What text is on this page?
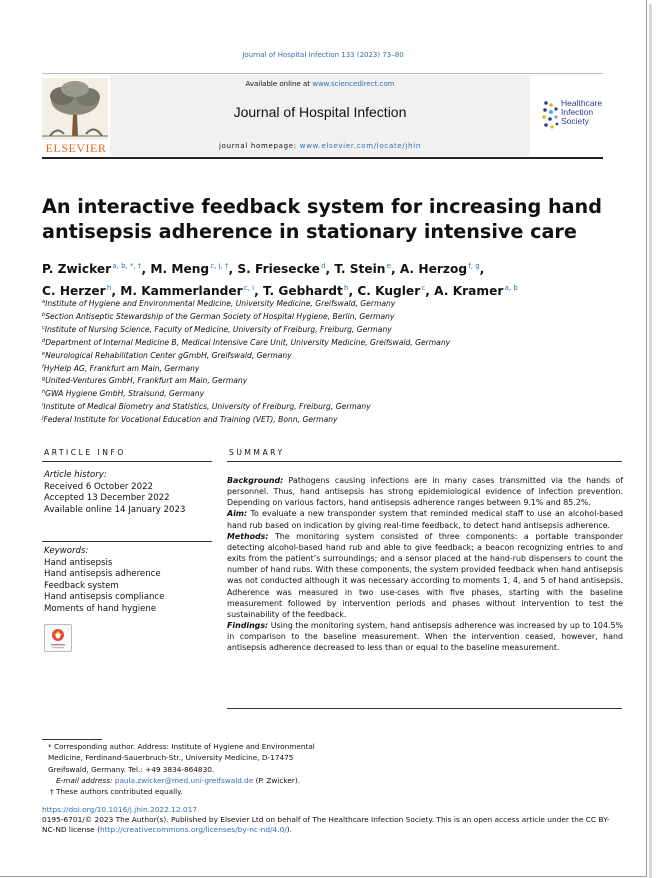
Journal of Hospital Infection 133 (2023) 73–80
ELSEVIER
Available online at www.sciencedirect.com
Journal of Hospital Infection
journal homepage: www.elsevier.com/locate/jhin
Healthcare
Infection
Society
An interactive feedback system for increasing hand antisepsis adherence in stationary intensive care
P. Zwicker $^{a, b, *, \dagger}$, M. Meng $^{c, j, \dagger}$, S. Friesecke $^d$, T. Stein $^e$, A. Herzog $^{f, g}$,
C. Herzer $^h$, M. Kammerlander $^{c, i}$, T. Gebhardt $^h$, C. Kugler $^c$, A. Kramer $^{a, b}$
$^a$Institute of Hygiene and Environmental Medicine, University Medicine, Greifswald, Germany
$^b$Section Antiseptic Stewardship of the German Society of Hospital Hygiene, Berlin, Germany
$^c$Institute of Nursing Science, Faculty of Medicine, University of Freiburg, Freiburg, Germany
$^d$Department of Internal Medicine B, Medical Intensive Care Unit, University Medicine, Greifswald, Germany
$^e$Neurological Rehabilitation Center gGmbH, Greifswald, Germany
$^f$HyHelp AG, Frankfurt am Main, Germany
$^g$United-Ventures GmbH, Frankfurt am Main, Germany
$^h$GWA Hygiene GmbH, Stralsund, Germany
$^i$Institute of Medical Biometry and Statistics, University of Freiburg, Freiburg, Germany
$^j$Federal Institute for Vocational Education and Training (VET), Bonn, Germany
ARTICLE INFO	SUMMARY
Article history:
Received 6 October 2022
Accepted 13 December 2022
Available online 14 January 2023
Keywords:
Hand antisepsis
Hand antisepsis adherence
Feedback system
Hand antisepsis compliance
Moments of hand hygiene

Background: Pathogens causing infections are in many cases transmitted via the hands of personnel. Thus, hand antisepsis has strong epidemiological evidence of infection prevention. Depending on various factors, hand antisepsis adherence ranges between 9.1% and 85.2%.

Aim: To evaluate a new transponder system that reminded medical staff to use an alcohol-based hand rub based on indication by giving real-time feedback, to detect hand antisepsis adherence.

Methods: The monitoring system consisted of three components: a portable transponder detecting alcohol-based hand rub and able to give feedback; a beacon recognizing entries to and exits from the patient’s surroundings; and a sensor placed at the hand-rub dispensers to count the number of hand rubs. With these components, the system provided feedback when hand antisepsis was not conducted although it was necessary according to moments 1, 4, and 5 of hand antisepsis. Adherence was measured in two use-cases with five phases, starting with the baseline measurement followed by intervention periods and phases without intervention to test the sustainability of the feedback.

Findings: Using the monitoring system, hand antisepsis adherence was increased by up to 104.5% in comparison to the baseline measurement. When the intervention ceased, however, hand antisepsis adherence decreased to less than or equal to the baseline measurement.

* Corresponding author. Address: Institute of Hygiene and Environmental Medicine, Ferdinand-Sauerbruch-Str., University Medicine, D-17475 Greifswald, Germany. Tel.: +49 3834-864830.
E-mail address: paula.zwicker@med.uni-greifswald.de (P. Zwicker).
† These authors contributed equally.
https://doi.org/10.1016/j.jhin.2022.12.017
0195-6701/© 2023 The Author(s). Published by Elsevier Ltd on behalf of The Healthcare Infection Society. This is an open access article under the CC BY-NC-ND license (http://creativecommons.org/licenses/by-nc-nd/4.0/).
